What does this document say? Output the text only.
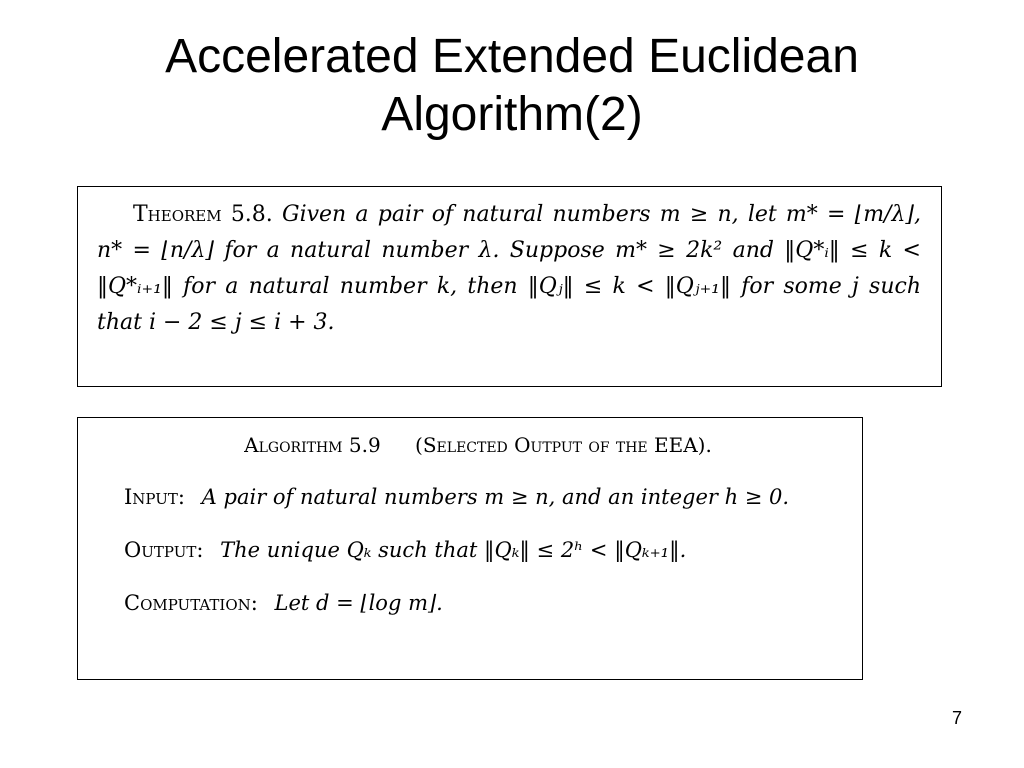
Accelerated Extended Euclidean
Algorithm(2)

Theorem 5.8. Given a pair of natural numbers m ≥ n, let m* = ⌊m/λ⌋, n* = ⌊n/λ⌋ for a natural number λ. Suppose m* ≥ 2k² and ‖Q*ᵢ‖ ≤ k < ‖Q*ᵢ₊₁‖ for a natural number k, then ‖Qⱼ‖ ≤ k < ‖Qⱼ₊₁‖ for some j such that i − 2 ≤ j ≤ i + 3.

Algorithm 5.9 (Selected Output of the EEA).
Input: A pair of natural numbers m ≥ n, and an integer h ≥ 0.
Output: The unique Qₖ such that ‖Qₖ‖ ≤ 2ʰ < ‖Qₖ₊₁‖.
Computation: Let d = ⌊log m⌋.
7
